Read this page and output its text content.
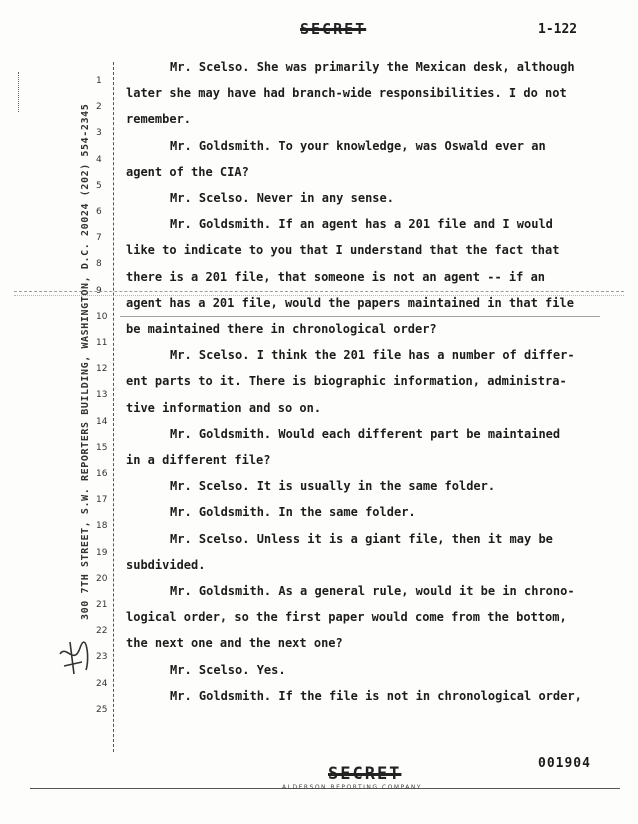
SECRET	1-122
300 7TH STREET, S.W. REPORTERS BUILDING, WASHINGTON, D.C. 20024 (202) 554-2345
1
2
3
4
5
6
7
8
9
10
11
12
13
14
15
16
17
18
19
20
21
22
23
24
25
Mr. Scelso. She was primarily the Mexican desk, although
later she may have had branch-wide responsibilities. I do not
remember.
Mr. Goldsmith. To your knowledge, was Oswald ever an
agent of the CIA?
Mr. Scelso. Never in any sense.
Mr. Goldsmith. If an agent has a 201 file and I would
like to indicate to you that I understand that the fact that
there is a 201 file, that someone is not an agent -- if an
agent has a 201 file, would the papers maintained in that file
be maintained there in chronological order?
Mr. Scelso. I think the 201 file has a number of differ-
ent parts to it. There is biographic information, administra-
tive information and so on.
Mr. Goldsmith. Would each different part be maintained
in a different file?
Mr. Scelso. It is usually in the same folder.
Mr. Goldsmith. In the same folder.
Mr. Scelso. Unless it is a giant file, then it may be
subdivided.
Mr. Goldsmith. As a general rule, would it be in chrono-
logical order, so the first paper would come from the bottom,
the next one and the next one?
Mr. Scelso. Yes.
Mr. Goldsmith. If the file is not in chronological order,
SECRET
001904
ALDERSON REPORTING COMPANY
